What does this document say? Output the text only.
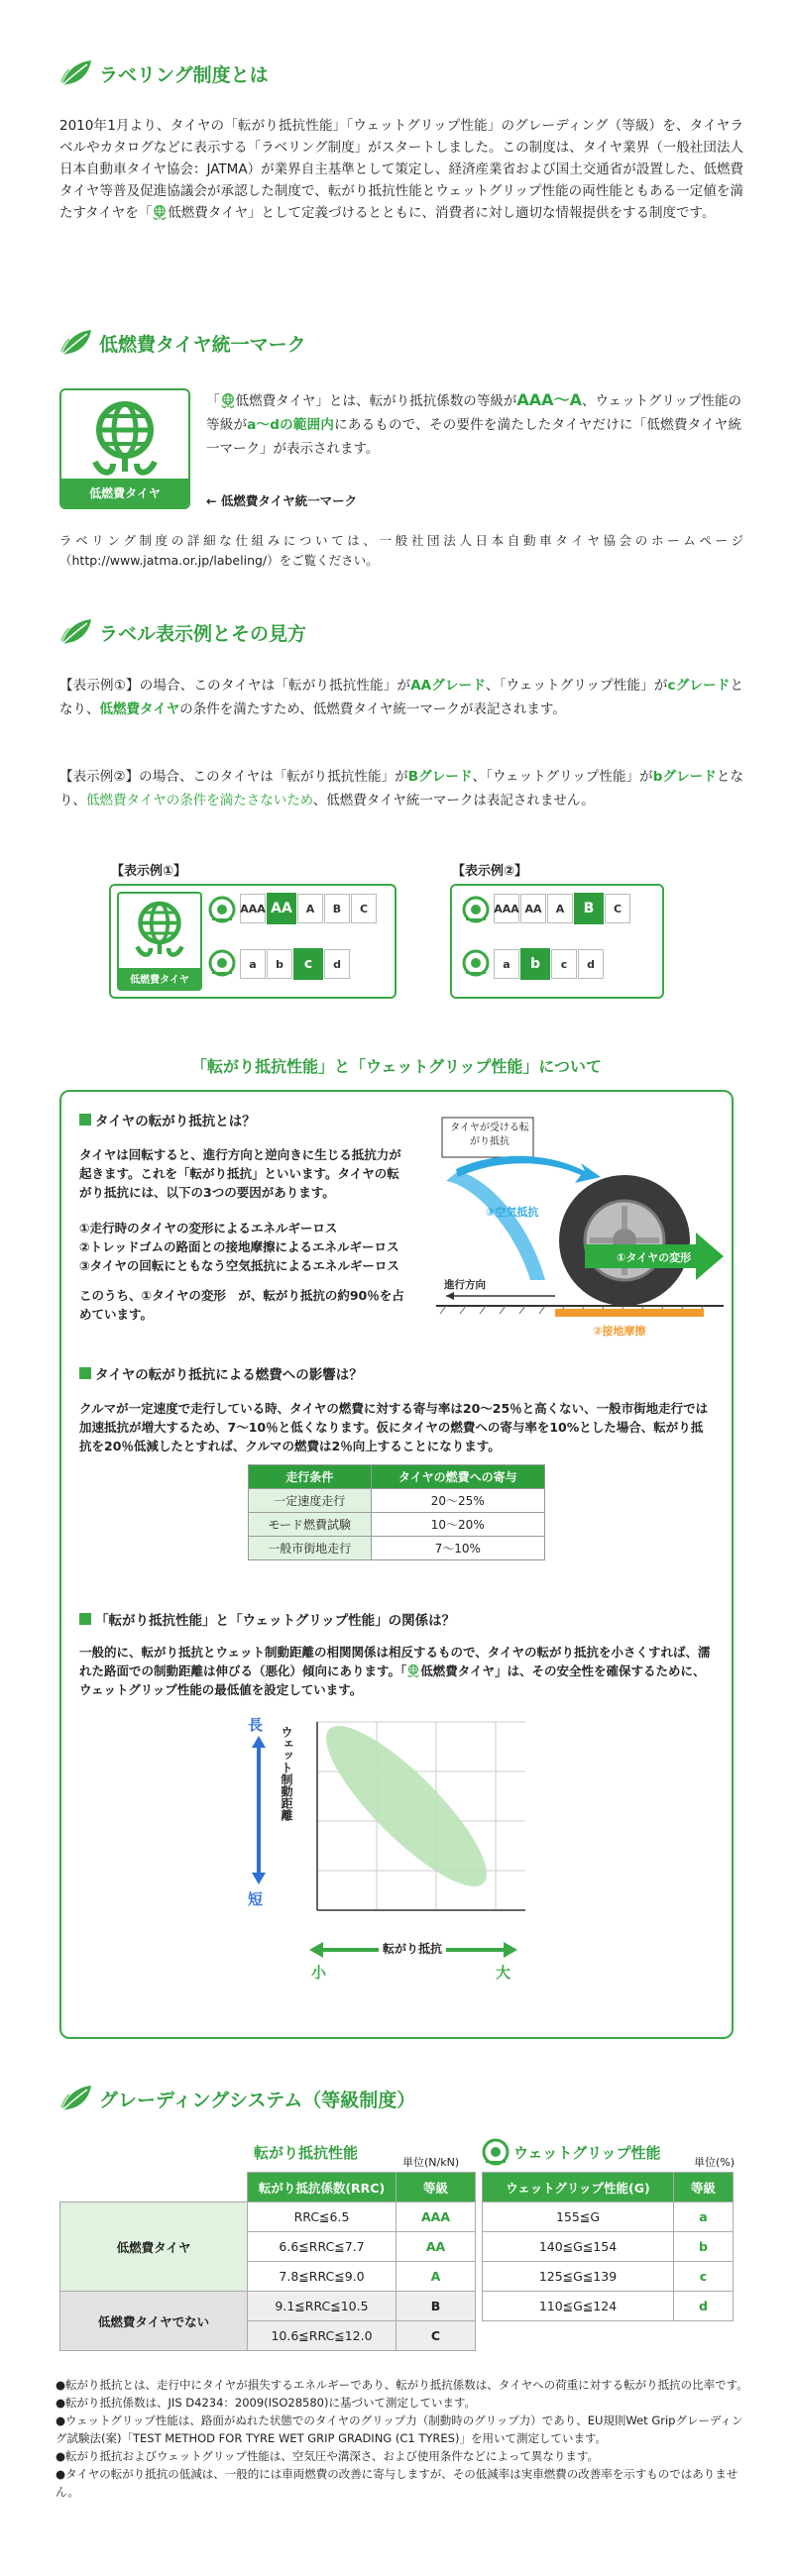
ラベリング制度とは
2010年1月より、タイヤの「転がり抵抗性能」「ウェットグリップ性能」のグレーディング（等級）を、タイヤラベルやカタログなどに表示する「ラベリング制度」がスタートしました。この制度は、タイヤ業界（一般社団法人日本自動車タイヤ協会：JATMA）が業界自主基準として策定し、経済産業省および国土交通省が設置した、低燃費タイヤ等普及促進協議会が承認した制度で、転がり抵抗性能とウェットグリップ性能の両性能ともある一定値を満たすタイヤを「 低燃費タイヤ」として定義づけるとともに、消費者に対し適切な情報提供をする制度です。
低燃費タイヤ統一マーク
低燃費タイヤ
「 低燃費タイヤ」とは、転がり抵抗係数の等級がAAA〜A、ウェットグリップ性能の等級がa〜dの範囲内にあるもので、その要件を満たしたタイヤだけに「低燃費タイヤ統一マーク」が表示されます。
← 低燃費タイヤ統一マーク
ラベリング制度の詳細な仕組みについては、一般社団法人日本自動車タイヤ協会のホームページ（http://www.jatma.or.jp/labeling/）をご覧ください。
ラベル表示例とその見方
【表示例①】の場合、このタイヤは「転がり抵抗性能」がAAグレード、「ウェットグリップ性能」がcグレードとなり、低燃費タイヤの条件を満たすため、低燃費タイヤ統一マークが表記されます。
【表示例②】の場合、このタイヤは「転がり抵抗性能」がBグレード、「ウェットグリップ性能」がbグレードとなり、低燃費タイヤの条件を満たさないため、低燃費タイヤ統一マークは表記されません。
【表示例①】
低燃費タイヤ
AAA AA	A	B	C
a	b	c	d
【表示例②】
AAA AA	A	B	C
a	b	c	d
「転がり抵抗性能」と「ウェットグリップ性能」について
タイヤの転がり抵抗とは？
タイヤは回転すると、進行方向と逆向きに生じる抵抗力が起きます。これを「転がり抵抗」といいます。タイヤの転がり抵抗には、以下の3つの要因があります。
①走行時のタイヤの変形によるエネルギーロス
②トレッドゴムの路面との接地摩擦によるエネルギーロス
③タイヤの回転にともなう空気抵抗によるエネルギーロス
このうち、①タイヤの変形　が、転がり抵抗の約90％を占めています。
タイヤが受ける転がり抵抗
③空気抵抗
進行方向
①タイヤの変形
②接地摩擦
タイヤの転がり抵抗による燃費への影響は？
クルマが一定速度で走行している時、タイヤの燃費に対する寄与率は20〜25％と高くない、一般市街地走行では加速抵抗が増大するため、7〜10％と低くなります。仮にタイヤの燃費への寄与率を10%とした場合、転がり抵抗を20％低減したとすれば、クルマの燃費は2％向上することになります。
走行条件	タイヤの燃費への寄与
一定速度走行	20〜25%
モード燃費試験	10〜20%
一般市街地走行	7〜10%
「転がり抵抗性能」と「ウェットグリップ性能」の関係は？
一般的に、転がり抵抗とウェット制動距離の相関関係は相反するもので、タイヤの転がり抵抗を小さくすれば、濡れた路面での制動距離は伸びる（悪化）傾向にあります。「 低燃費タイヤ」は、その安全性を確保するために、ウェットグリップ性能の最低値を設定しています。
ウェット制動距離
長
短
転がり抵抗
小	大
グレーディングシステム（等級制度）
転がり抵抗性能
単位(N/kN)
ウェットグリップ性能
単位(%)
	転がり抵抗係数(RRC)	等級
低燃費タイヤ	RRC≦6.5	AAA
	6.6≦RRC≦7.7	AA
	7.8≦RRC≦9.0	A
低燃費タイヤでない	9.1≦RRC≦10.5	B
	10.6≦RRC≦12.0	C
ウェットグリップ性能(G)	等級
155≦G	a
140≦G≦154	b
125≦G≦139	c
110≦G≦124	d
●転がり抵抗とは、走行中にタイヤが損失するエネルギーであり、転がり抵抗係数は、タイヤへの荷重に対する転がり抵抗の比率です。
●転がり抵抗係数は、JIS D4234：2009(ISO28580)に基づいて測定しています。
●ウェットグリップ性能は、路面がぬれた状態でのタイヤのグリップ力（制動時のグリップ力）であり、EU規則Wet Gripグレーディング試験法(案)「TEST METHOD FOR TYRE WET GRIP GRADING (C1 TYRES)」を用いて測定しています。
●転がり抵抗およびウェットグリップ性能は、空気圧や溝深さ、および使用条件などによって異なります。
●タイヤの転がり抵抗の低減は、一般的には車両燃費の改善に寄与しますが、その低減率は実車燃費の改善率を示すものではありません。
